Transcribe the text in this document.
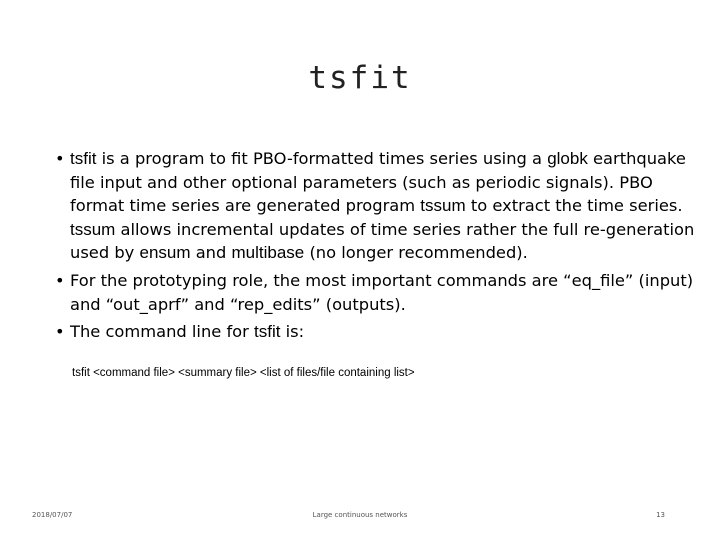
tsfit
• tsfit is a program to fit PBO-formatted times series using a globk earthquake file input and other optional parameters (such as periodic signals). PBO format time series are generated program tssum to extract the time series. tssum allows incremental updates of time series rather the full re-generation used by ensum and multibase (no longer recommended).
• For the prototyping role, the most important commands are “eq_file” (input) and “out_aprf” and “rep_edits” (outputs).
• The command line for tsfit is:
tsfit <command file> <summary file> <list of files/file containing list>
2018/07/07	Large continuous networks	13
